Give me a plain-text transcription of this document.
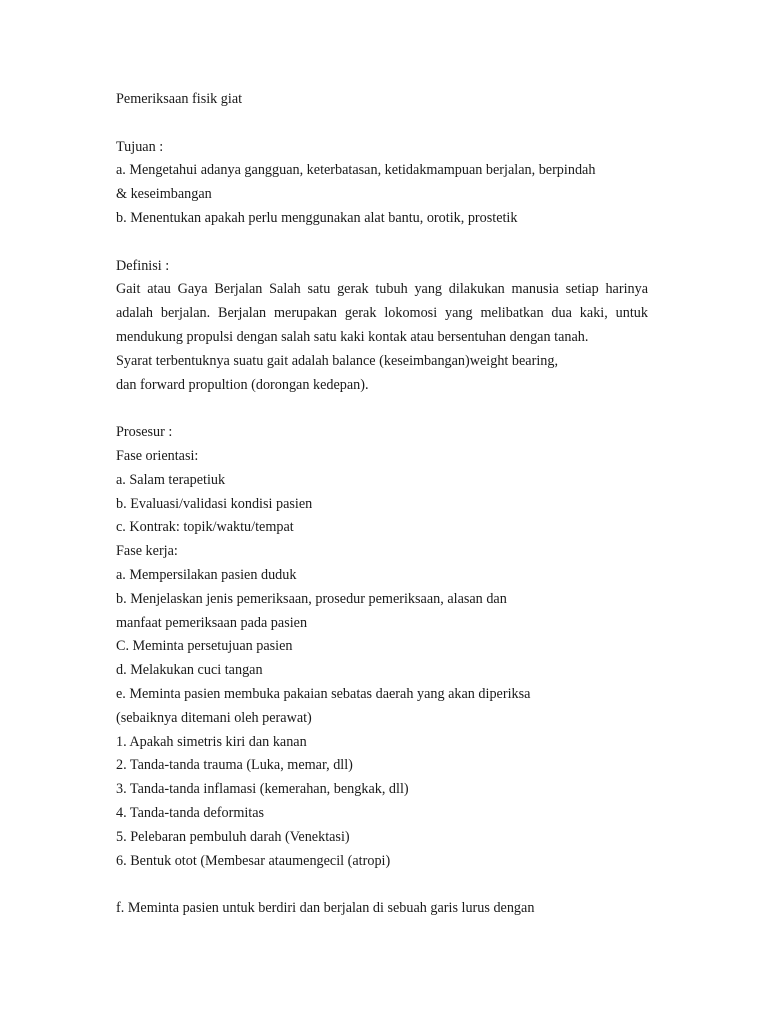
Pemeriksaan fisik giat
Tujuan :
a. Mengetahui adanya gangguan, keterbatasan, ketidakmampuan berjalan, berpindah
& keseimbangan
b. Menentukan apakah perlu menggunakan alat bantu, orotik, prostetik
Definisi :
Gait atau Gaya Berjalan Salah satu gerak tubuh yang dilakukan manusia setiap harinya adalah berjalan. Berjalan merupakan gerak lokomosi yang melibatkan dua kaki, untuk mendukung propulsi dengan salah satu kaki kontak atau bersentuhan dengan tanah.
Syarat terbentuknya suatu gait adalah balance (keseimbangan)weight bearing,
dan forward propultion (dorongan kedepan).
Prosesur :
Fase orientasi:
a. Salam terapetiuk
b. Evaluasi/validasi kondisi pasien
c. Kontrak: topik/waktu/tempat
Fase kerja:
a. Mempersilakan pasien duduk
b. Menjelaskan jenis pemeriksaan, prosedur pemeriksaan, alasan dan
manfaat pemeriksaan pada pasien
C. Meminta persetujuan pasien
d. Melakukan cuci tangan
e. Meminta pasien membuka pakaian sebatas daerah yang akan diperiksa
(sebaiknya ditemani oleh perawat)
1. Apakah simetris kiri dan kanan
2. Tanda-tanda trauma (Luka, memar, dll)
3. Tanda-tanda inflamasi (kemerahan, bengkak, dll)
4. Tanda-tanda deformitas
5. Pelebaran pembuluh darah (Venektasi)
6. Bentuk otot (Membesar ataumengecil (atropi)
f. Meminta pasien untuk berdiri dan berjalan di sebuah garis lurus dengan
